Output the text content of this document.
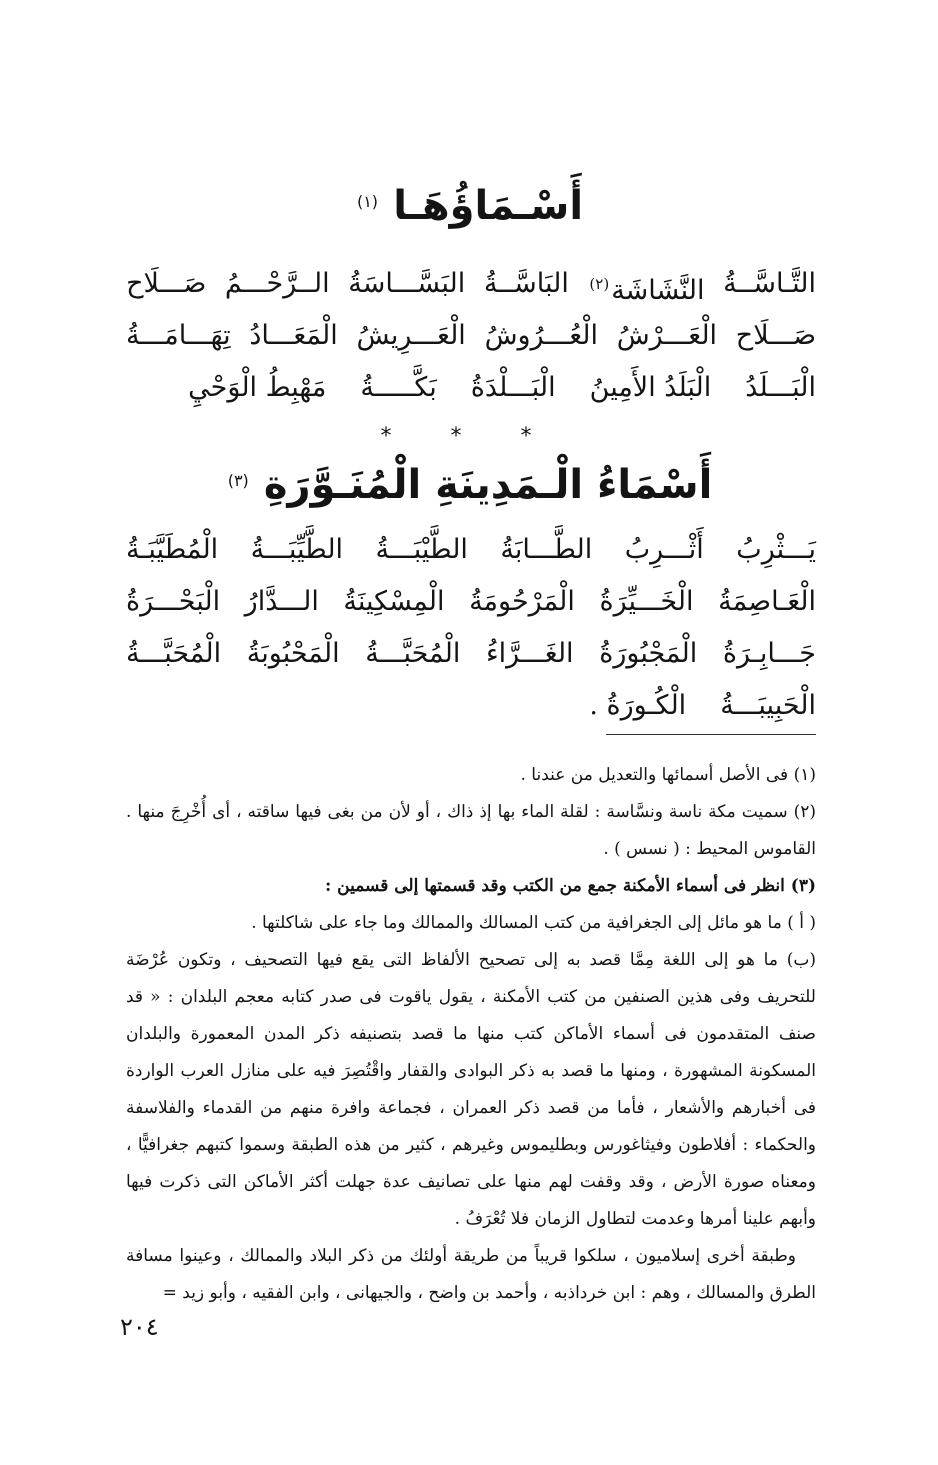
أَسْـمَاؤُهَـا $^{(١)}$
التَّـاسَّــةُ
النَّشَاشَة$^{(٢)}$
البَاسَّــةُ
البَسَّـــاسَةُ
الــرَّحْـــمُ
صَـــلَاح
صَـــلَاح
الْعَـــرْشُ
الْعُـــرُوشُ
الْعَـــرِيشُ
الْمَعَـــادُ
تِهَـــامَـــةُ
الْبَـــلَدُ
الْبَلَدُ الأَمِينُ
الْبَـــلْدَةُ
بَكَّـــــةُ
مَهْبِطُ الْوَحْيِ
* * *
أَسْمَاءُ الْـمَدِينَةِ الْمُنَـوَّرَةِ $^{(٣)}$
يَـــثْرِبُ
أَثْـــرِبُ
الطَّـــابَةُ
الطَّيْبَـــةُ
الطَّيِّبَـــةُ
الْمُطَيَّبَـةُ
الْعَـاصِمَةُ
الْخَـــيِّرَةُ
الْمَرْحُومَةُ
الْمِسْكِينَةُ
الـــدَّارُ
الْبَحْـــرَةُ
جَـــابِـرَةُ
الْمَجْبُورَةُ
الغَـــرَّاءُ
الْمُحَبَّـــةُ
الْمَحْبُوبَةُ
الْمُحَبَّـــةُ
الْحَبِيبَـــةُ
الْكُـورَةُ .

(١) فى الأصل أسمائها والتعديل من عندنا .

(٢) سميت مكة ناسة ونسَّاسة : لقلة الماء بها إذ ذاك ، أو لأن من بغى فيها ساقته ، أى أُخْرِجَ منها . القاموس المحيط : ( نسس ) .

(٣) انظر فى أسماء الأمكنة جمع من الكتب وقد قسمتها إلى قسمين :

( أ ) ما هو مائل إلى الجغرافية من كتب المسالك والممالك وما جاء على شاكلتها .

(ب) ما هو إلى اللغة مِمَّا قصد به إلى تصحيح الألفاظ التى يقع فيها التصحيف ، وتكون عُرْضَة للتحريف وفى هذين الصنفين من كتب الأمكنة ، يقول ياقوت فى صدر كتابه معجم البلدان : « قد صنف المتقدمون فى أسماء الأماكن كتب منها ما قصد بتصنيفه ذكر المدن المعمورة والبلدان المسكونة المشهورة ، ومنها ما قصد به ذكر البوادى والقفار واقْتُصِرَ فيه على منازل العرب الواردة فى أخبارهم والأشعار ، فأما من قصد ذكر العمران ، فجماعة وافرة منهم من القدماء والفلاسفة والحكماء : أفلاطون وفيثاغورس وبطليموس وغيرهم ، كثير من هذه الطبقة وسموا كتبهم جغرافيًّا ، ومعناه صورة الأرض ، وقد وقفت لهم منها على تصانيف عدة جهلت أكثر الأماكن التى ذكرت فيها وأبهم علينا أمرها وعدمت لتطاول الزمان فلا تُعْرَفُ .

وطبقة أخرى إسلاميون ، سلكوا قريباً من طريقة أولئك من ذكر البلاد والممالك ، وعينوا مسافة الطرق والمسالك ، وهم : ابن خرداذبه ، وأحمد بن واضح ، والجيهانى ، وابن الفقيه ، وأبو زيد =

٢٠٤
